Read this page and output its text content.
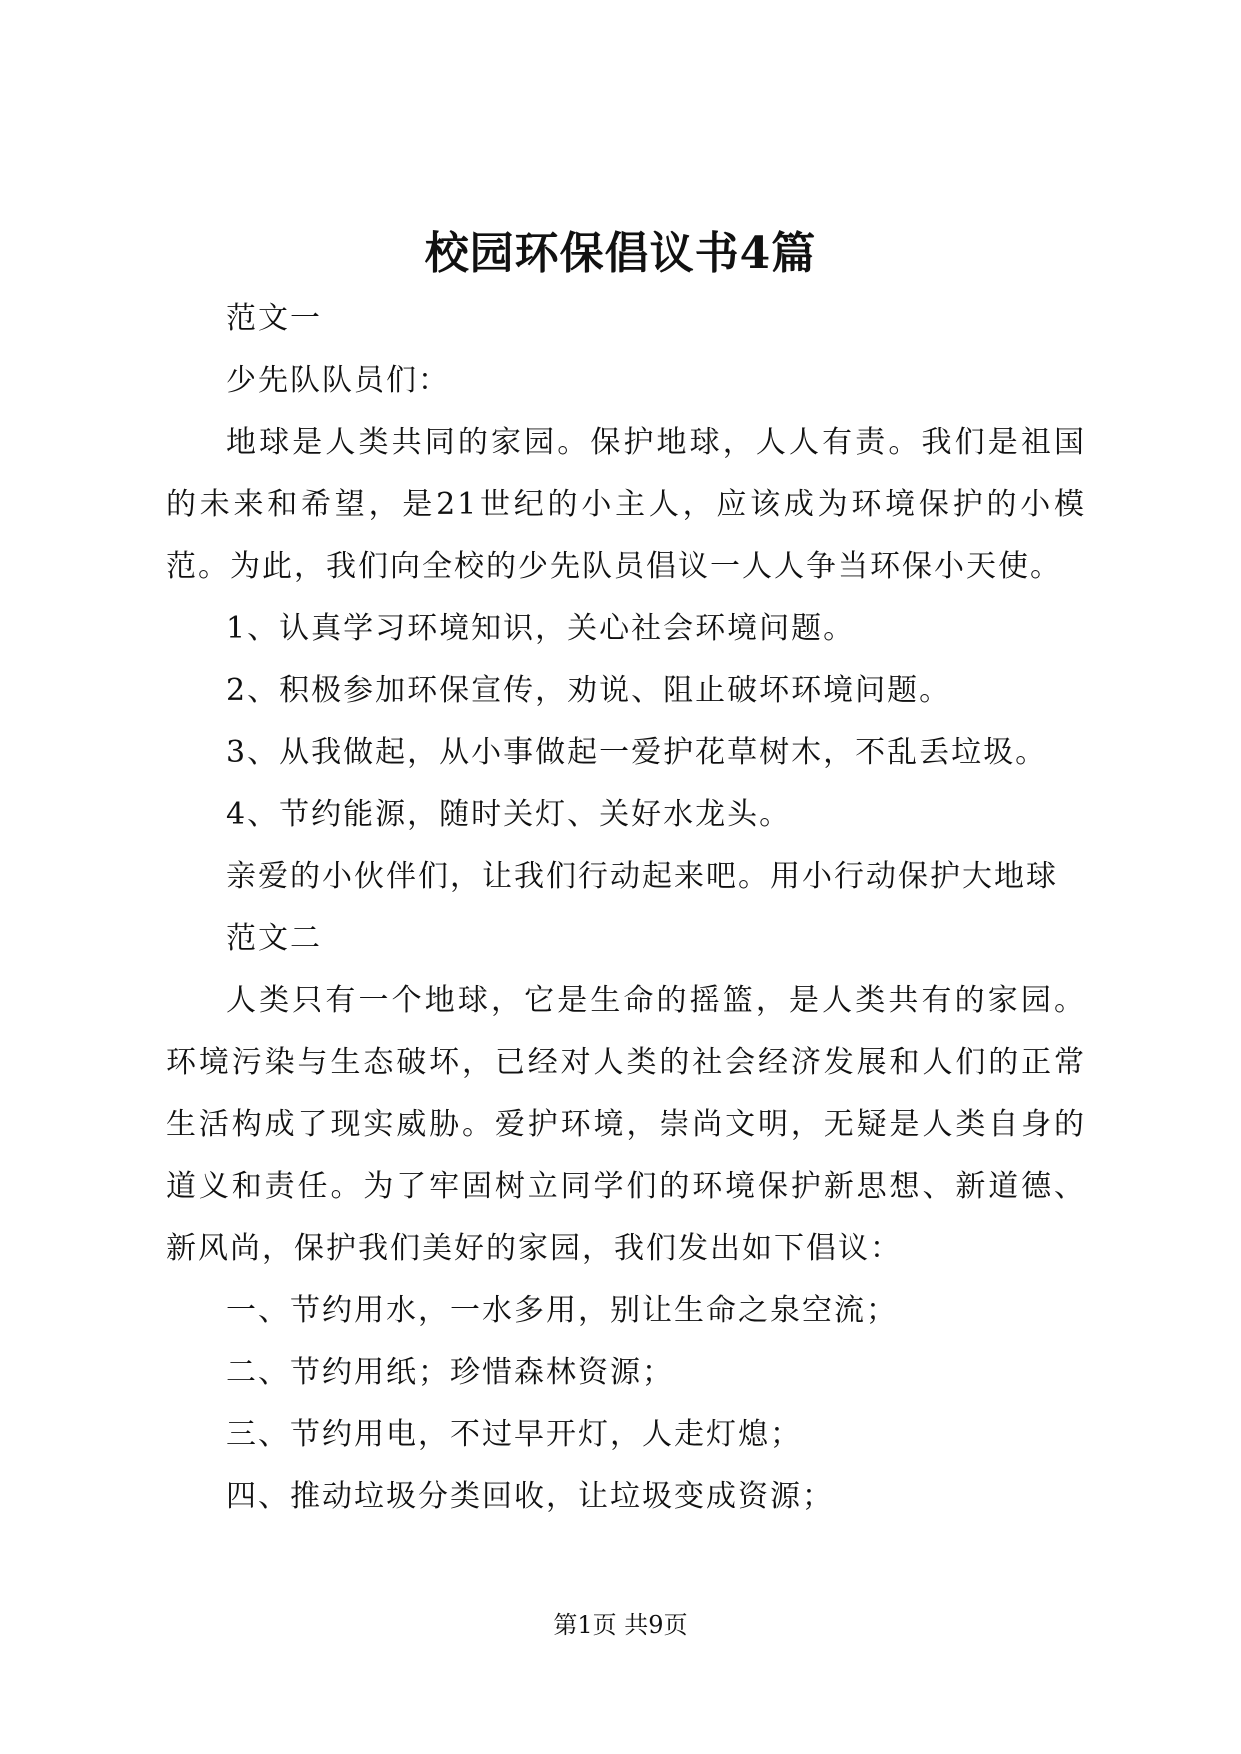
校园环保倡议书4篇

范文一

少先队队员们：

地球是人类共同的家园。保护地球，人人有责。我们是祖国的未来和希望，是21世纪的小主人，应该成为环境保护的小模范。为此，我们向全校的少先队员倡议一人人争当环保小天使。

1、认真学习环境知识，关心社会环境问题。

2、积极参加环保宣传，劝说、阻止破坏环境问题。

3、从我做起，从小事做起一爱护花草树木，不乱丢垃圾。

4、节约能源，随时关灯、关好水龙头。

亲爱的小伙伴们，让我们行动起来吧。用小行动保护大地球

范文二

人类只有一个地球，它是生命的摇篮，是人类共有的家园。环境污染与生态破坏，已经对人类的社会经济发展和人们的正常生活构成了现实威胁。爱护环境，崇尚文明，无疑是人类自身的道义和责任。为了牢固树立同学们的环境保护新思想、新道德、新风尚，保护我们美好的家园，我们发出如下倡议：

一、节约用水，一水多用，别让生命之泉空流；

二、节约用纸；珍惜森林资源；

三、节约用电，不过早开灯，人走灯熄；

四、推动垃圾分类回收，让垃圾变成资源；

第1页 共9页
